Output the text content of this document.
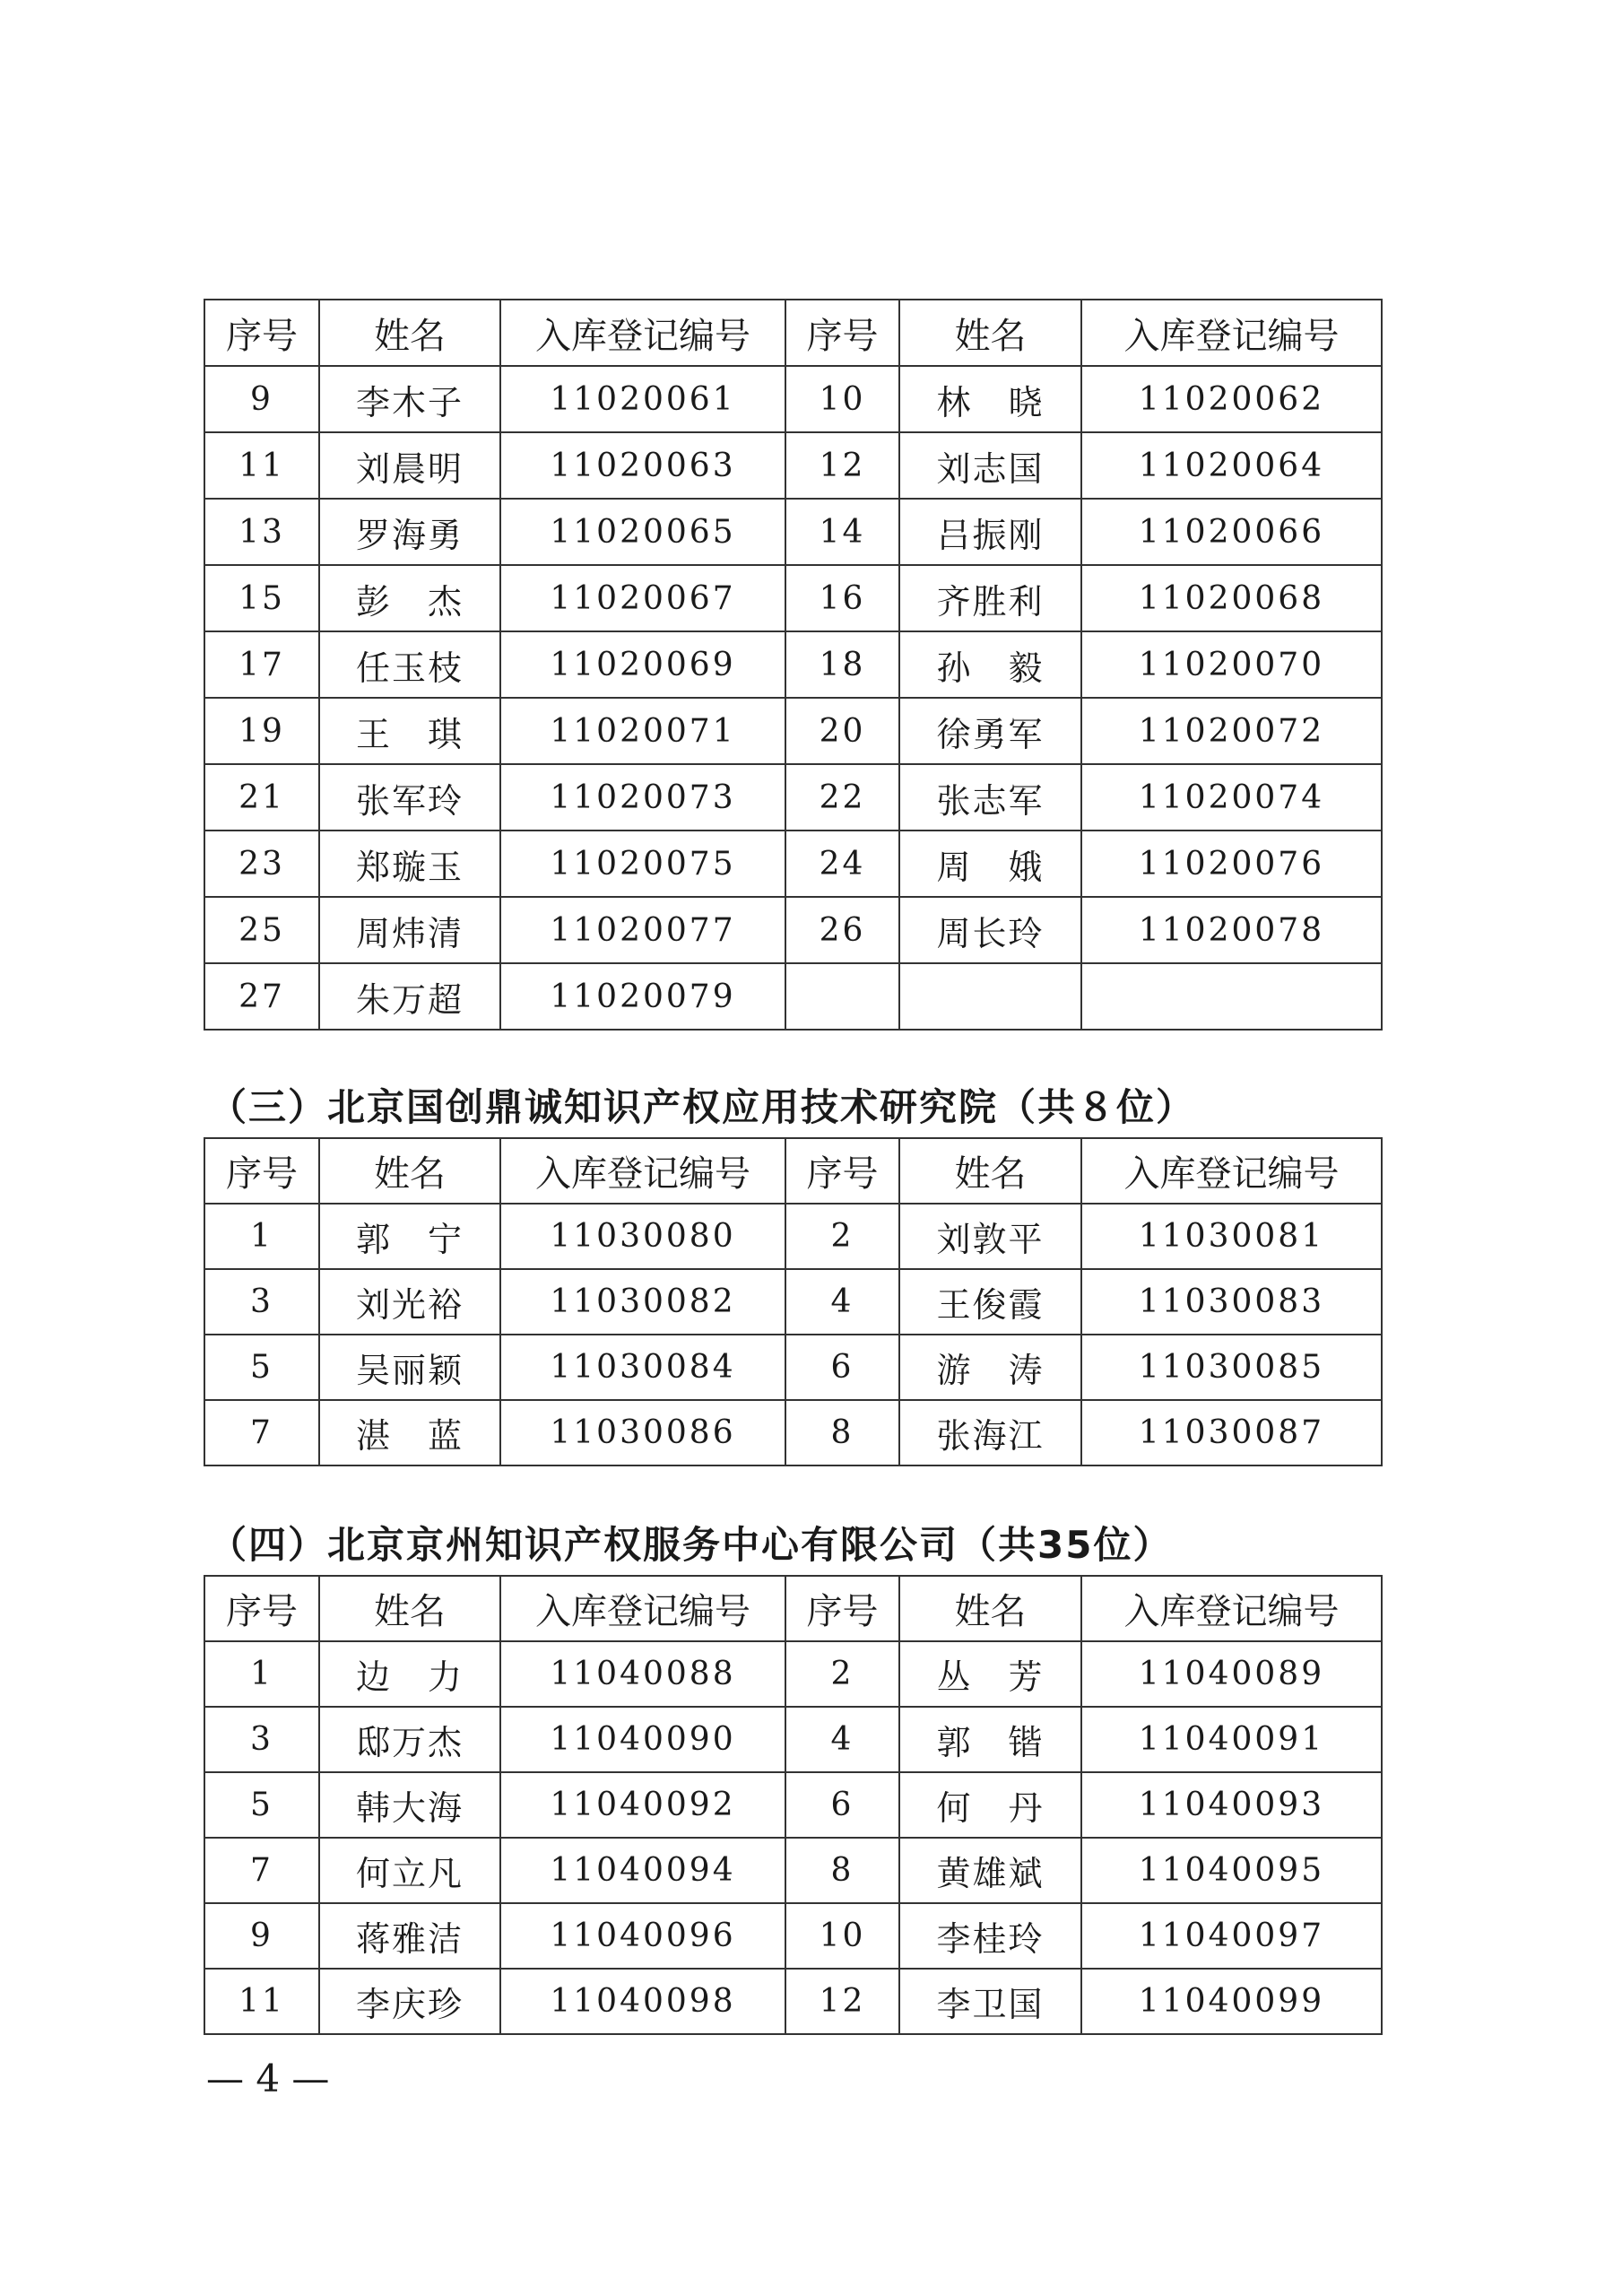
序号	姓名	入库登记编号	序号	姓名	入库登记编号
9	李木子	11020061	10	林　晓	11020062
11	刘晨明	11020063	12	刘志国	11020064
13	罗海勇	11020065	14	吕振刚	11020066
15	彭　杰	11020067	16	齐胜利	11020068
17	任玉枝	11020069	18	孙　毅	11020070
19	王　琪	11020071	20	徐勇军	11020072
21	张军玲	11020073	22	张志军	11020074
23	郑璇玉	11020075	24	周　娥	11020076
25	周炜清	11020077	26	周长玲	11020078
27	朱万超	11020079			
（三）北京国创鼎诚知识产权应用技术研究院（共８位）
序号	姓名	入库登记编号	序号	姓名	入库登记编号
1	郭　宁	11030080	2	刘敦平	11030081
3	刘光裕	11030082	4	王俊霞	11030083
5	吴丽颖	11030084	6	游　涛	11030085
7	湛　蓝	11030086	8	张海江	11030087
（四）北京京州知识产权服务中心有限公司（共35位）
序号	姓名	入库登记编号	序号	姓名	入库登记编号
1	边　力	11040088	2	丛　芳	11040089
3	邸万杰	11040090	4	郭　锴	11040091
5	韩大海	11040092	6	何　丹	11040093
7	何立凡	11040094	8	黄雄斌	11040095
9	蒋雅洁	11040096	10	李桂玲	11040097
11	李庆珍	11040098	12	李卫国	11040099
— 4 —
